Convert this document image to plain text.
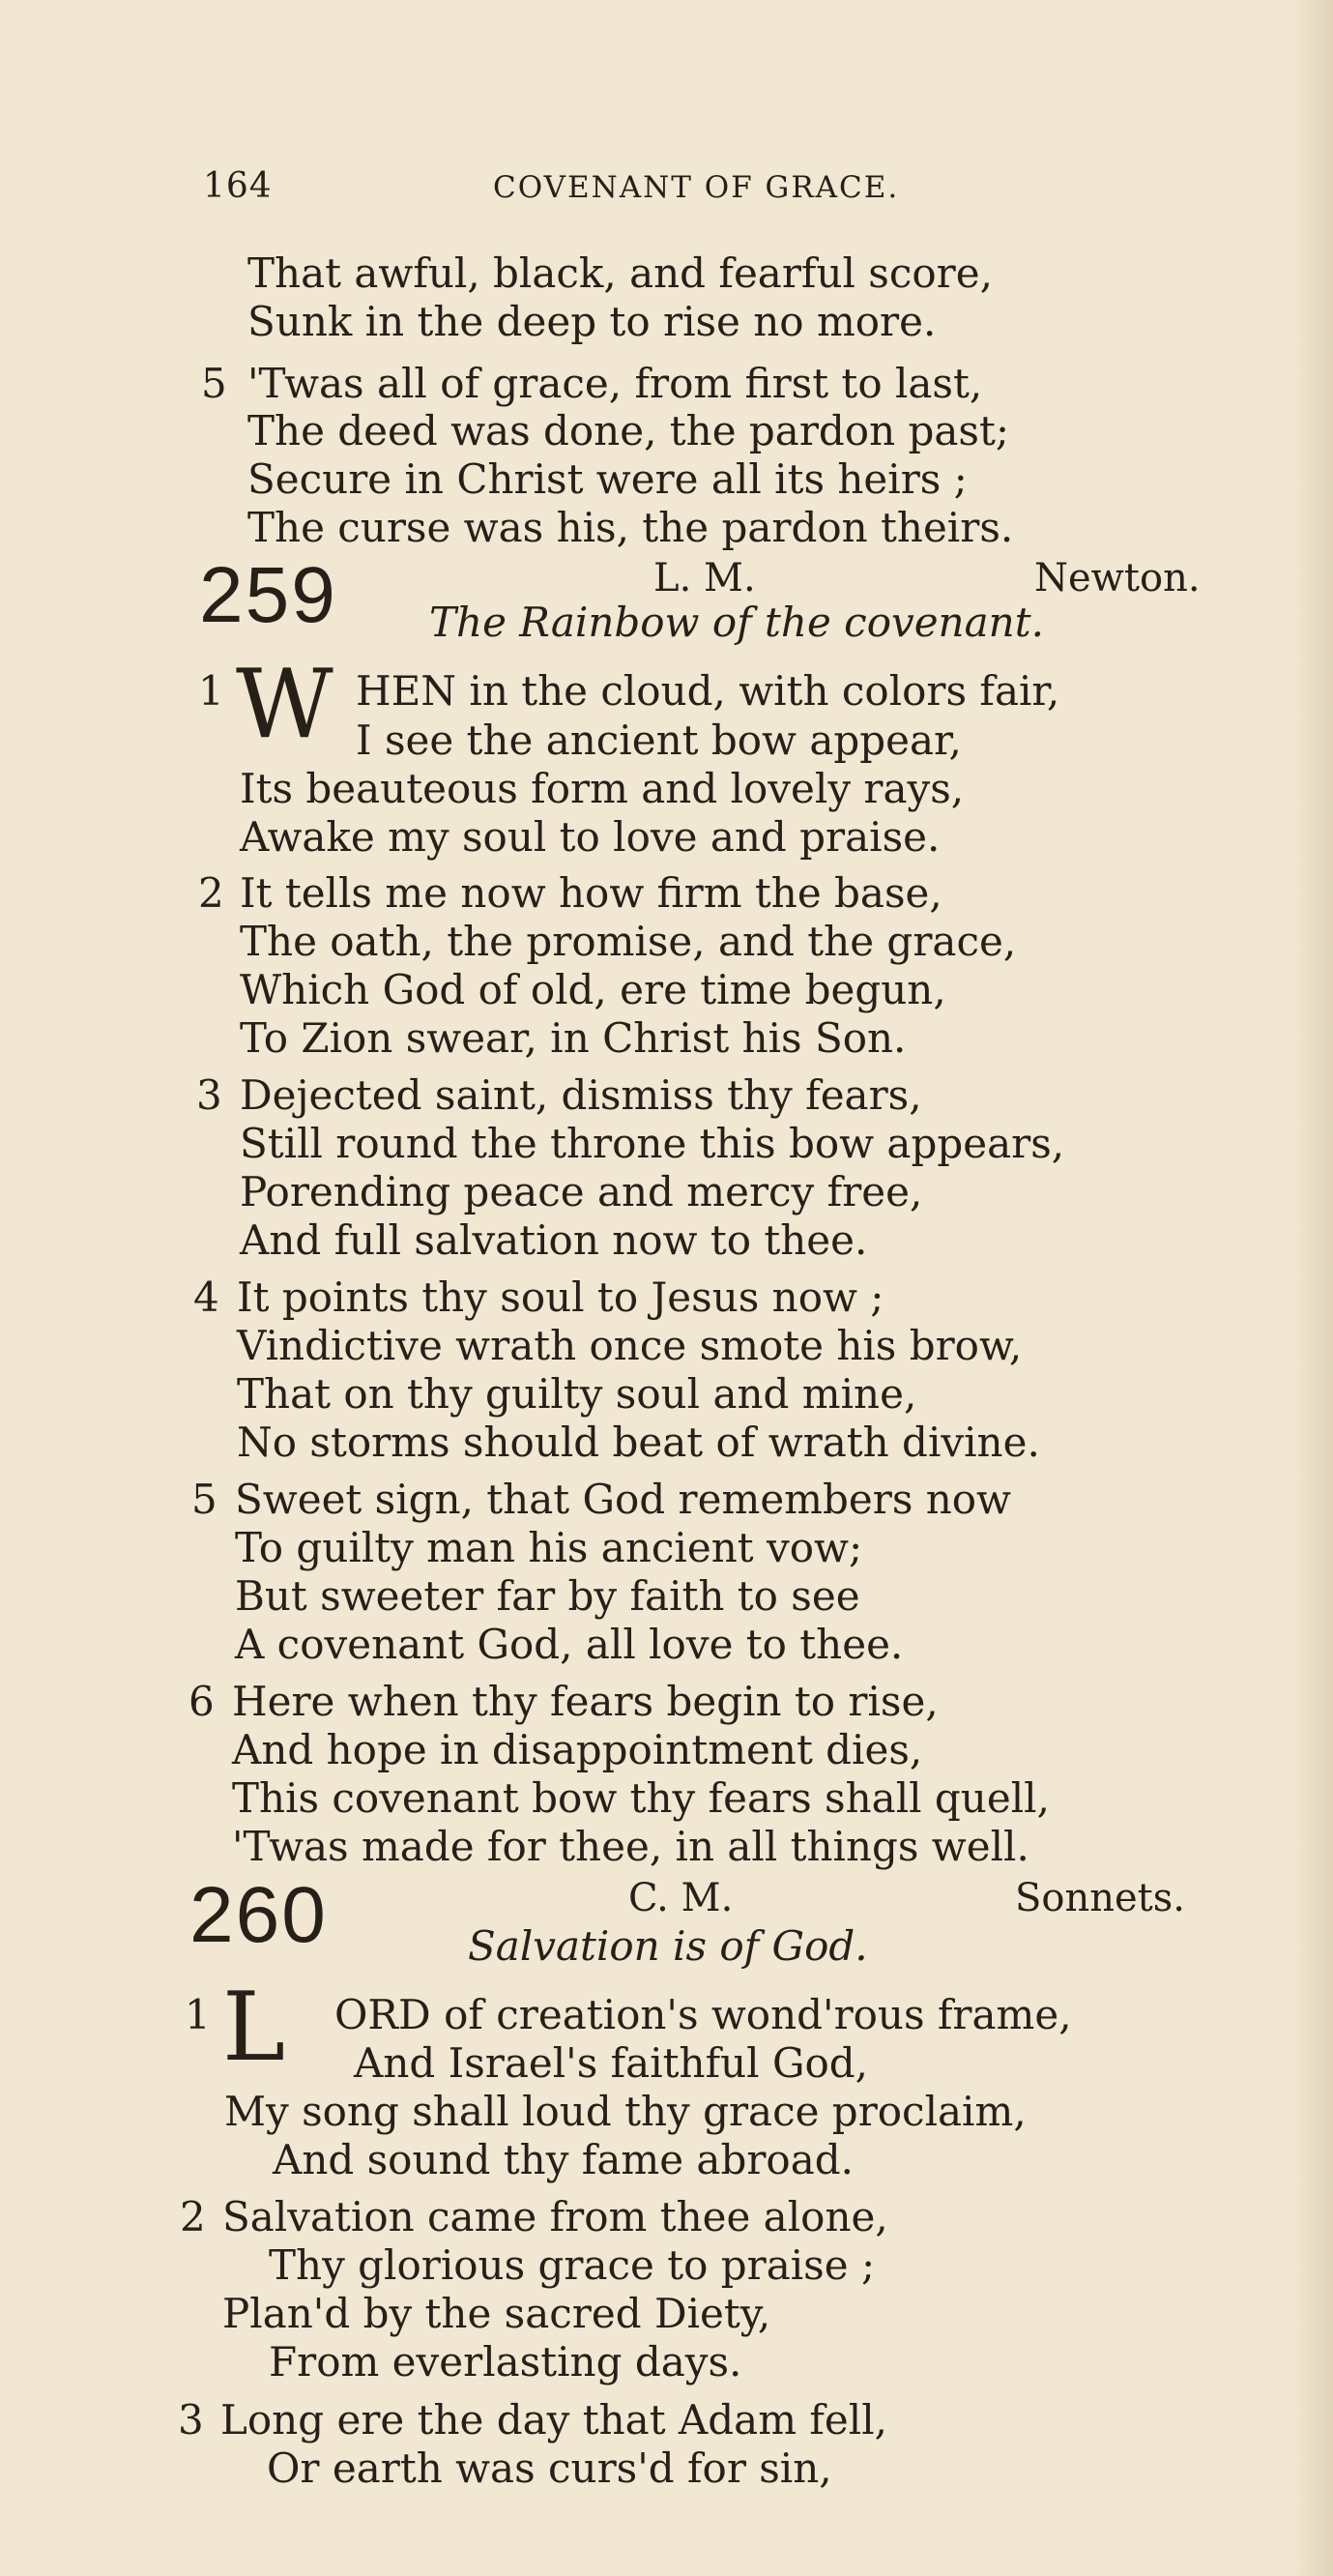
164	COVENANT OF GRACE.
That awful, black, and fearful score,
Sunk in the deep to rise no more.
5 'Twas all of grace, from first to last,
The deed was done, the pardon past;
Secure in Christ were all its heirs ;
The curse was his, the pardon theirs.
259	L. M.	Newton.
The Rainbow of the covenant.
1 W HEN in the cloud, with colors fair,
I see the ancient bow appear,
Its beauteous form and lovely rays,
Awake my soul to love and praise.
2 It tells me now how firm the base,
The oath, the promise, and the grace,
Which God of old, ere time begun,
To Zion swear, in Christ his Son.
3 Dejected saint, dismiss thy fears,
Still round the throne this bow appears,
Porending peace and mercy free,
And full salvation now to thee.
4 It points thy soul to Jesus now ;
Vindictive wrath once smote his brow,
That on thy guilty soul and mine,
No storms should beat of wrath divine.
5 Sweet sign, that God remembers now
To guilty man his ancient vow;
But sweeter far by faith to see
A covenant God, all love to thee.
6 Here when thy fears begin to rise,
And hope in disappointment dies,
This covenant bow thy fears shall quell,
'Twas made for thee, in all things well.
260	C. M.	Sonnets.
Salvation is of God.
1 L ORD of creation's wond'rous frame,
And Israel's faithful God,
My song shall loud thy grace proclaim,
And sound thy fame abroad.
2 Salvation came from thee alone,
Thy glorious grace to praise ;
Plan'd by the sacred Diety,
From everlasting days.
3 Long ere the day that Adam fell,
Or earth was curs'd for sin,
